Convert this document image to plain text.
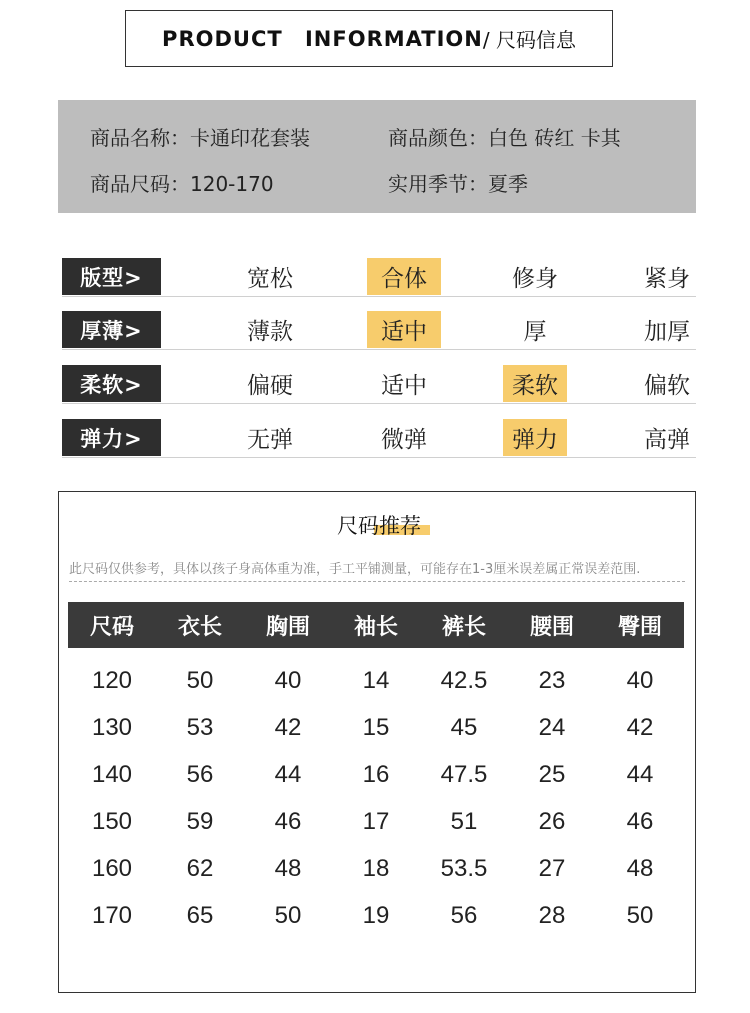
PRODUCT INFORMATION / 尺码信息
商品名称：卡通印花套装	商品颜色：白色 砖红 卡其
商品尺码：120-170	实用季节：夏季
版型>	宽松	合体	修身	紧身
厚薄>	薄款	适中	厚	加厚
柔软>	偏硬	适中	柔软	偏软
弹力>	无弹	微弹	弹力	高弹
尺码推荐
此尺码仅供参考，具体以孩子身高体重为准，手工平铺测量，可能存在1-3厘米误差属正常误差范围.
尺码	衣长	胸围	袖长	裤长	腰围	臀围
120	50	40	14	42.5	23	40
130	53	42	15	45	24	42
140	56	44	16	47.5	25	44
150	59	46	17	51	26	46
160	62	48	18	53.5	27	48
170	65	50	19	56	28	50
